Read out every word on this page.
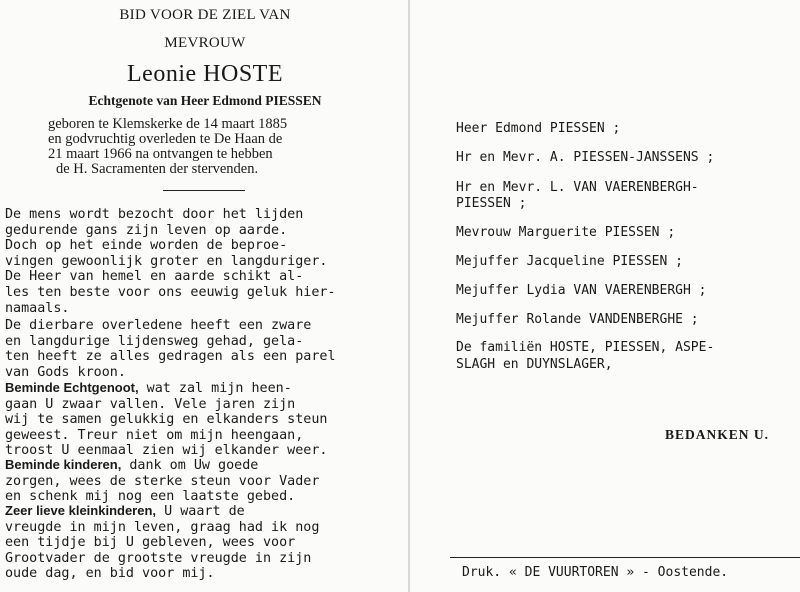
BID VOOR DE ZIEL VAN
MEVROUW
Leonie HOSTE
Echtgenote van Heer Edmond PIESSEN
geboren te Klemskerke de 14 maart 1885
en godvruchtig overleden te De Haan de
21 maart 1966 na ontvangen te hebben
de H. Sacramenten der stervenden.
De mens wordt bezocht door het lijden
gedurende gans zijn leven op aarde.
Doch op het einde worden de beproe-
vingen gewoonlijk groter en langduriger.
De Heer van hemel en aarde schikt al-
les ten beste voor ons eeuwig geluk hier-
namaals.
De dierbare overledene heeft een zware
en langdurige lijdensweg gehad, gela-
ten heeft ze alles gedragen als een parel
van Gods kroon.
Beminde Echtgenoot, wat zal mijn heen-
gaan U zwaar vallen. Vele jaren zijn
wij te samen gelukkig en elkanders steun
geweest. Treur niet om mijn heengaan,
troost U eenmaal zien wij elkander weer.
Beminde kinderen, dank om Uw goede
zorgen, wees de sterke steun voor Vader
en schenk mij nog een laatste gebed.
Zeer lieve kleinkinderen, U waart de
vreugde in mijn leven, graag had ik nog
een tijdje bij U gebleven, wees voor
Grootvader de grootste vreugde in zijn
oude dag, en bid voor mij.
Heer Edmond PIESSEN ;
Hr en Mevr. A. PIESSEN-JANSSENS ;
Hr en Mevr. L. VAN VAERENBERGH-
PIESSEN ;
Mevrouw Marguerite PIESSEN ;
Mejuffer Jacqueline PIESSEN ;
Mejuffer Lydia VAN VAERENBERGH ;
Mejuffer Rolande VANDENBERGHE ;
De familiën HOSTE, PIESSEN, ASPE-
SLAGH en DUYNSLAGER,
BEDANKEN U.
Druk. « DE VUURTOREN » - Oostende.
